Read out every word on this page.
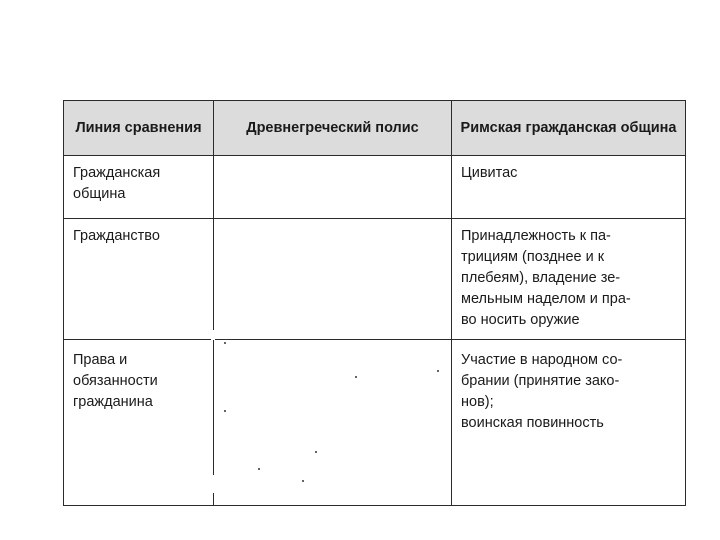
Линия сравнения	Древнегреческий полис	Римская гражданская община

Гражданская
община		Цивитас

Гражданство		Принадлежность к па-
трициям (позднее и к
плебеям), владение зе-
мельным наделом и пра-
во носить оружие

Права и
обязанности
гражданина		Участие в народном со-
брании (принятие зако-
нов);
воинская повинность
